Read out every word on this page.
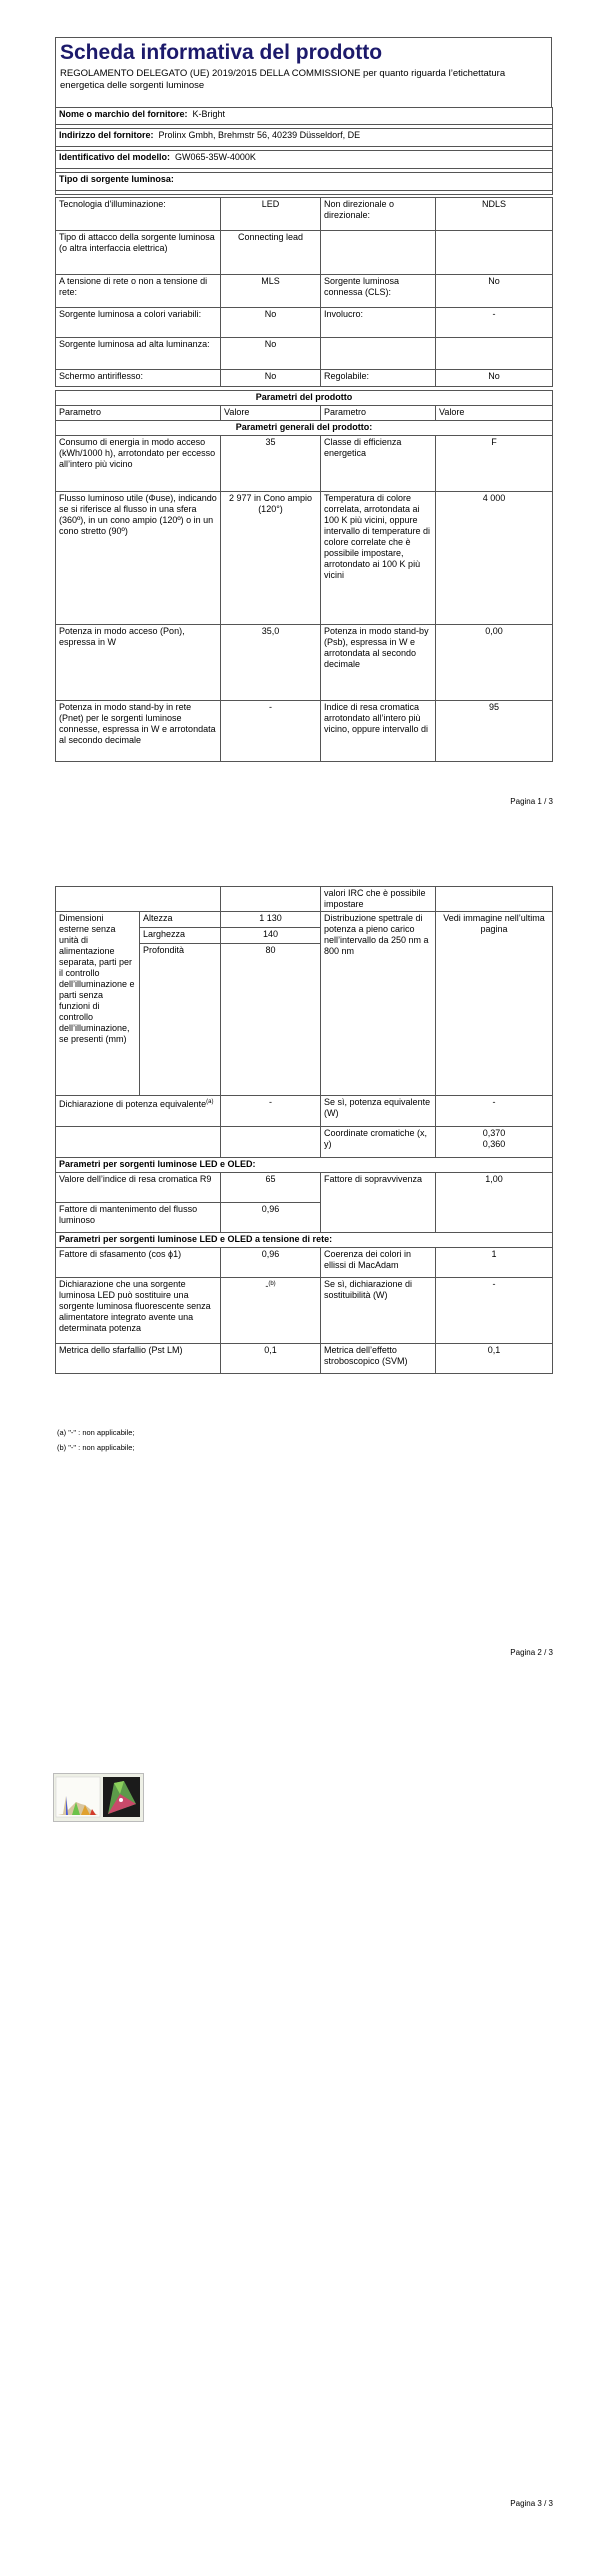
Scheda informativa del prodotto
REGOLAMENTO DELEGATO (UE) 2019/2015 DELLA COMMISSIONE per quanto riguarda l’etichettatura energetica delle sorgenti luminose
Nome o marchio del fornitore: K-Bright

Indirizzo del fornitore: Prolinx Gmbh, Brehmstr 56, 40239 Düsseldorf, DE

Identificativo del modello: GW065-35W-4000K

Tipo di sorgente luminosa:

Tecnologia d'illuminazione:	LED	Non direzionale o direzionale:	NDLS
Tipo di attacco della sorgente luminosa (o altra interfaccia elettrica)	Connecting lead		
A tensione di rete o non a tensione di rete:	MLS	Sorgente luminosa connessa (CLS):	No
Sorgente luminosa a colori variabili:	No	Involucro:	-
Sorgente luminosa ad alta luminanza:	No		
Schermo antiriflesso:	No	Regolabile:	No
Parametri del prodotto			
Parametro	Valore	Parametro	Valore
Parametri generali del prodotto:			
Consumo di energia in modo acceso (kWh/1000 h), arrotondato per eccesso all’intero più vicino	35	Classe di efficienza energetica	F
Flusso luminoso utile (Φuse), indicando se si riferisce al flusso in una sfera (360º), in un cono ampio (120º) o in un cono stretto (90º)	2 977 in Cono ampio (120°)	Temperatura di colore correlata, arrotondata ai 100 K più vicini, oppure intervallo di temperature di colore correlate che è possibile impostare, arrotondato ai 100 K più vicini	4 000
Potenza in modo acceso (Pon), espressa in W	35,0	Potenza in modo stand-by (Psb), espressa in W e arrotondata al secondo decimale	0,00
Potenza in modo stand-by in rete (Pnet) per le sorgenti luminose connesse, espressa in W e arrotondata al secondo decimale	-	Indice di resa cromatica arrotondato all’intero più vicino, oppure intervallo di	95
Pagina 1 / 3
			valori IRC che è possibile impostare	
Dimensioni esterne senza unità di alimentazione separata, parti per il controllo dell’illuminazione e parti senza funzioni di controllo dell’illuminazione, se presenti (mm)	Altezza	1 130	Distribuzione spettrale di potenza a pieno carico nell’intervallo da 250 nm a 800 nm	Vedi immagine nell’ultima pagina
	Larghezza	140		
	Profondità	80		
Dichiarazione di potenza equivalente$^{(a)}$		-	Se sì, potenza equivalente (W)	-
			Coordinate cromatiche (x, y)	0,370
0,360

Parametri per sorgenti luminose LED e OLED:				
Valore dell’indice di resa cromatica R9		65	Fattore di sopravvivenza	1,00
Fattore di mantenimento del flusso luminoso		0,96		
Parametri per sorgenti luminose LED e OLED a tensione di rete:				
Fattore di sfasamento (cos ϕ1)		0,96	Coerenza dei colori in ellissi di MacAdam	1
Dichiarazione che una sorgente luminosa LED può sostituire una sorgente luminosa fluorescente senza alimentatore integrato avente una determinata potenza		-$^{(b)}$	Se sì, dichiarazione di sostituibilità (W)	-
Metrica dello sfarfallio (Pst LM)		0,1	Metrica dell’effetto stroboscopico (SVM)	0,1
(a) "-" : non applicabile;
(b) "-" : non applicabile;
Pagina 2 / 3
Pagina 3 / 3
